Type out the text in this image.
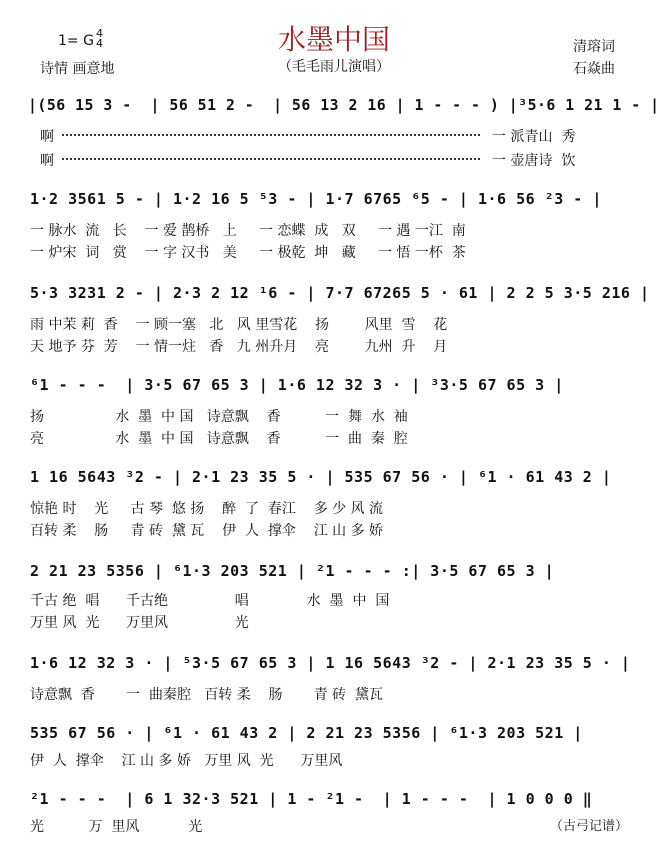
水墨中国
（毛毛雨儿演唱）
1= G 4
4
诗情 画意地
清瑢词
石焱曲
|(56 15 3 -  | 56 51 2 -  | 56 13 2 16 | 1 - - - ) |³5·6 1 21 1 - |
啊
啊
一 派青山  秀
一 壶唐诗  饮
1·2 3561 5 - | 1·2 16 5 ⁵3 - | 1·7 6765 ⁶5 - | 1·6 56 ²3 - |
一 脉水  流   长    一 爱 鹊桥   上     一 恋蝶  成   双     一 遇 一江  南
一 炉宋  词   赏    一 字 汉书   美     一 极乾  坤   藏     一 悟 一杯  茶
5·3 3231 2 - | 2·3 2 12 ¹6 - | 7·7 67265 5 · 61 | 2 2 5 3·5 216 |
雨 中茉 莉  香    一 顾一塞   北   风 里雪花    扬        风里  雪    花
天 地予 芬  芳    一 情一炷   香   九 州升月    亮        九州  升    月
⁶1 - - -  | 3·5 67 65 3 | 1·6 12 32 3 · | ³3·5 67 65 3 |
扬                水  墨  中 国   诗意飘    香          一  舞  水  袖
亮                水  墨  中 国   诗意飘    香          一  曲  秦  腔
1 16 5643 ³2 - | 2·1 23 35 5 · | 535 67 56 · | ⁶1 · 61 43 2 |
惊艳 时    光     古 琴  悠 扬    醉  了  春江    多 少 风 流
百转 柔    肠     青 砖  黛 瓦    伊  人  撑伞    江 山 多 娇
2 21 23 5356 | ⁶1·3 203 521 | ²1 - - - :| 3·5 67 65 3 |
千古 绝  唱      千古绝               唱             水  墨  中  国
万里 风  光      万里风               光
1·6 12 32 3 · | ⁵3·5 67 65 3 | 1 16 5643 ³2 - | 2·1 23 35 5 · |
诗意飘  香       一  曲秦腔   百转 柔    肠       青 砖  黛瓦
535 67 56 · | ⁶1 · 61 43 2 | 2 21 23 5356 | ⁶1·3 203 521 |
伊  人  撑伞    江 山 多 娇   万里 风  光      万里风
²1 - - -  | 6 1 32·3 521 | 1 - ²1 -  | 1 - - -  | 1 0 0 0 ‖
光          万  里风           光	（古弓记谱）
